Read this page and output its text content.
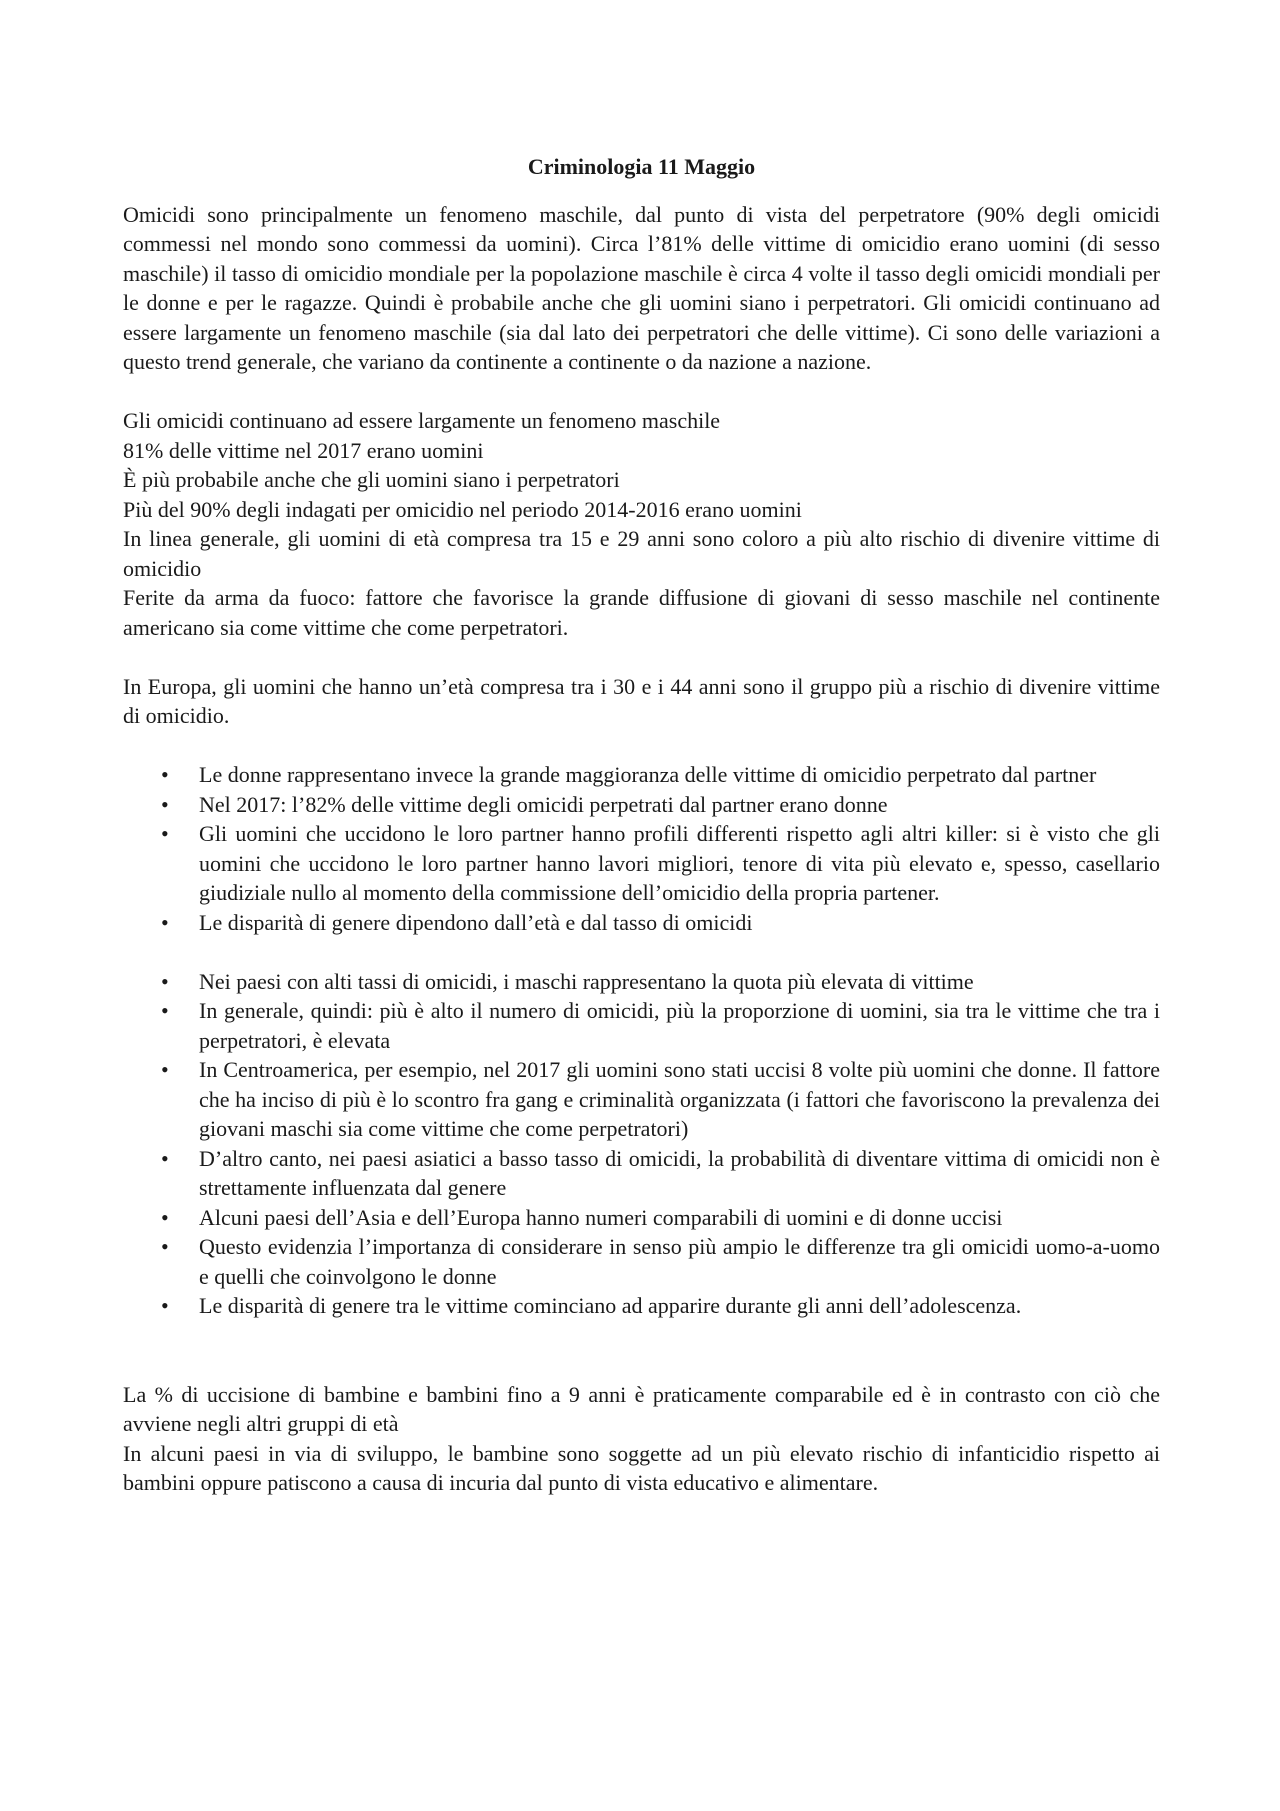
Criminologia 11 Maggio

Omicidi sono principalmente un fenomeno maschile, dal punto di vista del perpetratore (90% degli omicidi commessi nel mondo sono commessi da uomini). Circa l’81% delle vittime di omicidio erano uomini (di sesso maschile) il tasso di omicidio mondiale per la popolazione maschile è circa 4 volte il tasso degli omicidi mondiali per le donne e per le ragazze. Quindi è probabile anche che gli uomini siano i perpetratori. Gli omicidi continuano ad essere largamente un fenomeno maschile (sia dal lato dei perpetratori che delle vittime). Ci sono delle variazioni a questo trend generale, che variano da continente a continente o da nazione a nazione.

Gli omicidi continuano ad essere largamente un fenomeno maschile

81% delle vittime nel 2017 erano uomini

È più probabile anche che gli uomini siano i perpetratori

Più del 90% degli indagati per omicidio nel periodo 2014-2016 erano uomini

In linea generale, gli uomini di età compresa tra 15 e 29 anni sono coloro a più alto rischio di divenire vittime di omicidio

Ferite da arma da fuoco: fattore che favorisce la grande diffusione di giovani di sesso maschile nel continente americano sia come vittime che come perpetratori.

In Europa, gli uomini che hanno un’età compresa tra i 30 e i 44 anni sono il gruppo più a rischio di divenire vittime di omicidio.

• Le donne rappresentano invece la grande maggioranza delle vittime di omicidio perpetrato dal partner
• Nel 2017: l’82% delle vittime degli omicidi perpetrati dal partner erano donne
• Gli uomini che uccidono le loro partner hanno profili differenti rispetto agli altri killer: si è visto che gli uomini che uccidono le loro partner hanno lavori migliori, tenore di vita più elevato e, spesso, casellario giudiziale nullo al momento della commissione dell’omicidio della propria partener.
• Le disparità di genere dipendono dall’età e dal tasso di omicidi
• Nei paesi con alti tassi di omicidi, i maschi rappresentano la quota più elevata di vittime
• In generale, quindi: più è alto il numero di omicidi, più la proporzione di uomini, sia tra le vittime che tra i perpetratori, è elevata
• In Centroamerica, per esempio, nel 2017 gli uomini sono stati uccisi 8 volte più uomini che donne. Il fattore che ha inciso di più è lo scontro fra gang e criminalità organizzata (i fattori che favoriscono la prevalenza dei giovani maschi sia come vittime che come perpetratori)
• D’altro canto, nei paesi asiatici a basso tasso di omicidi, la probabilità di diventare vittima di omicidi non è strettamente influenzata dal genere
• Alcuni paesi dell’Asia e dell’Europa hanno numeri comparabili di uomini e di donne uccisi
• Questo evidenzia l’importanza di considerare in senso più ampio le differenze tra gli omicidi uomo-a-uomo e quelli che coinvolgono le donne
• Le disparità di genere tra le vittime cominciano ad apparire durante gli anni dell’adolescenza.

La % di uccisione di bambine e bambini fino a 9 anni è praticamente comparabile ed è in contrasto con ciò che avviene negli altri gruppi di età

In alcuni paesi in via di sviluppo, le bambine sono soggette ad un più elevato rischio di infanticidio rispetto ai bambini oppure patiscono a causa di incuria dal punto di vista educativo e alimentare.
